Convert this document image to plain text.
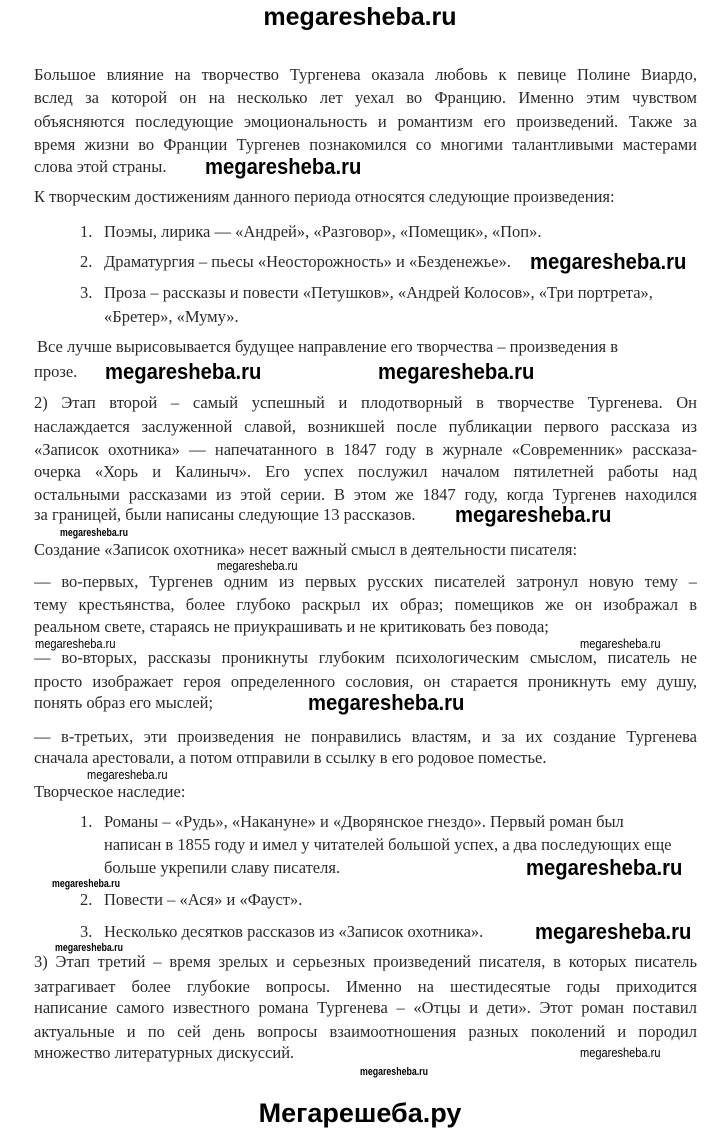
megaresheba.ru
Большое влияние на творчество Тургенева оказала любовь к певице Полине Виардо,
вслед за которой он на несколько лет уехал во Францию. Именно этим чувством
объясняются последующие эмоциональность и романтизм его произведений. Также за
время жизни во Франции Тургенев познакомился со многими талантливыми мастерами
слова этой страны.
К творческим достижениям данного периода относятся следующие произведения:
1. Поэмы, лирика — «Андрей», «Разговор», «Помещик», «Поп».
2. Драматургия – пьесы «Неосторожность» и «Безденежье».
3. Проза – рассказы и повести «Петушков», «Андрей Колосов», «Три портрета»,
«Бретер», «Муму».
Все лучше вырисовывается будущее направление его творчества – произведения в
прозе.
2) Этап второй – самый успешный и плодотворный в творчестве Тургенева. Он
наслаждается заслуженной славой, возникшей после публикации первого рассказа из
«Записок охотника» — напечатанного в 1847 году в журнале «Современник» рассказа-
очерка «Хорь и Калиныч». Его успех послужил началом пятилетней работы над
остальными рассказами из этой серии. В этом же 1847 году, когда Тургенев находился
за границей, были написаны следующие 13 рассказов.
Создание «Записок охотника» несет важный смысл в деятельности писателя:
— во-первых, Тургенев одним из первых русских писателей затронул новую тему –
тему крестьянства, более глубоко раскрыл их образ; помещиков же он изображал в
реальном свете, стараясь не приукрашивать и не критиковать без повода;
— во-вторых, рассказы проникнуты глубоким психологическим смыслом, писатель не
просто изображает героя определенного сословия, он старается проникнуть ему душу,
понять образ его мыслей;
— в-третьих, эти произведения не понравились властям, и за их создание Тургенева
сначала арестовали, а потом отправили в ссылку в его родовое поместье.
Творческое наследие:
1. Романы – «Рудь», «Накануне» и «Дворянское гнездо». Первый роман был
написан в 1855 году и имел у читателей большой успех, а два последующих еще
больше укрепили славу писателя.
2. Повести – «Ася» и «Фауст».
3. Несколько десятков рассказов из «Записок охотника».
3) Этап третий – время зрелых и серьезных произведений писателя, в которых писатель
затрагивает более глубокие вопросы. Именно на шестидесятые годы приходится
написание самого известного романа Тургенева – «Отцы и дети». Этот роман поставил
актуальные и по сей день вопросы взаимоотношения разных поколений и породил
множество литературных дискуссий.
megaresheba.ru
megaresheba.ru
megaresheba.ru	megaresheba.ru
megaresheba.ru
megaresheba.ru
megaresheba.ru
megaresheba.ru
megaresheba.ru
megaresheba.ru
megaresheba.ru	megaresheba.ru
megaresheba.ru
megaresheba.ru
megaresheba.ru
megaresheba.ru
megaresheba.ru
Мегарешеба.ру
